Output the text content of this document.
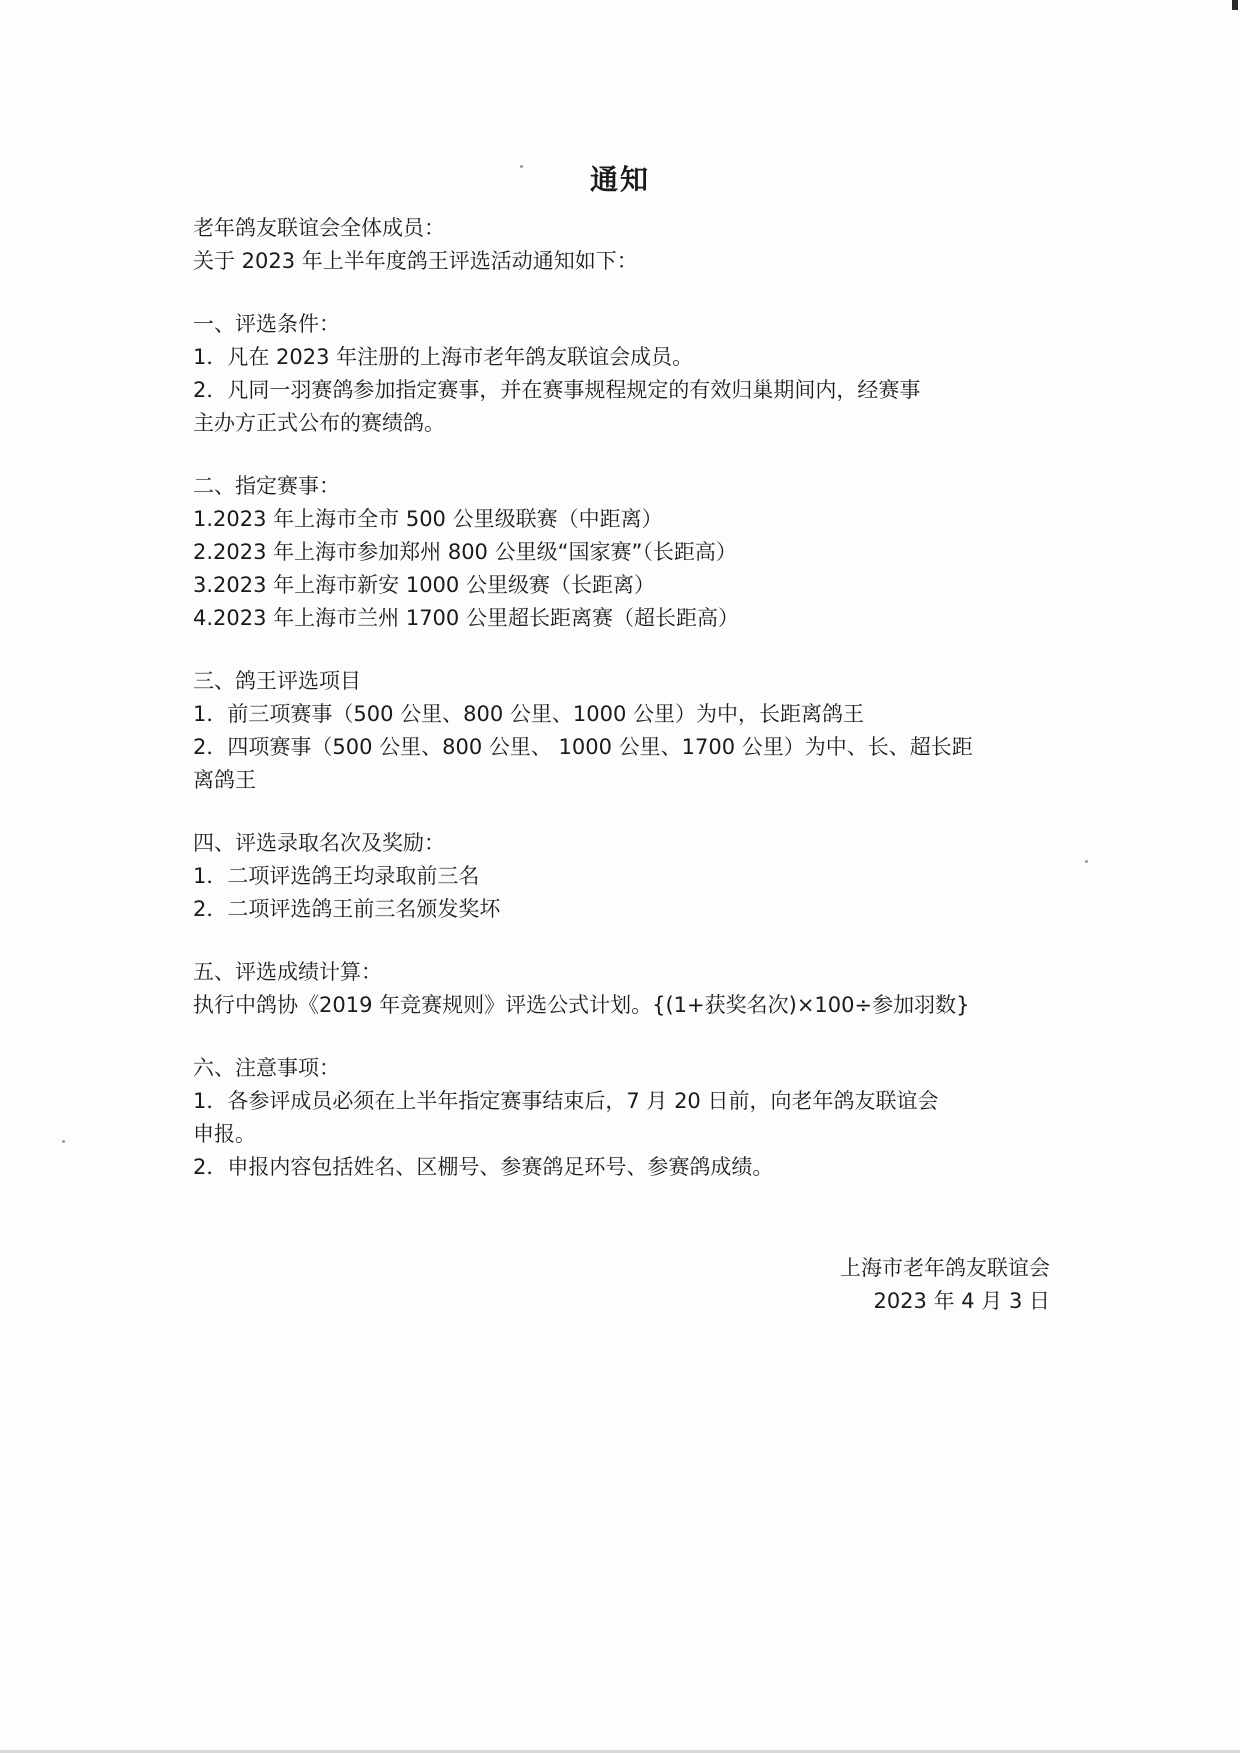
通知
老年鸽友联谊会全体成员：
关于 2023 年上半年度鸽王评选活动通知如下：
一、评选条件：
1．凡在 2023 年注册的上海市老年鸽友联谊会成员。
2．凡同一羽赛鸽参加指定赛事，并在赛事规程规定的有效归巢期间内，经赛事
主办方正式公布的赛绩鸽。
二、指定赛事：
1.2023 年上海市全市 500 公里级联赛（中距离）
2.2023 年上海市参加郑州 800 公里级“国家赛”（长距高）
3.2023 年上海市新安 1000 公里级赛（长距离）
4.2023 年上海市兰州 1700 公里超长距离赛（超长距高）
三、鸽王评选项目
1．前三项赛事（500 公里、800 公里、1000 公里）为中，长距离鸽王
2．四项赛事（500 公里、800 公里、 1000 公里、1700 公里）为中、长、超长距
离鸽王
四、评选录取名次及奖励：
1．二项评选鸽王均录取前三名
2．二项评选鸽王前三名颁发奖坏
五、评选成绩计算：
执行中鸽协《2019 年竞赛规则》评选公式计划。{(1+获奖名次)×100÷参加羽数}
六、注意事项：
1．各参评成员必须在上半年指定赛事结束后，7 月 20 日前，向老年鸽友联谊会
申报。
2．申报内容包括姓名、区棚号、参赛鸽足环号、参赛鸽成绩。
上海市老年鸽友联谊会
2023 年 4 月 3 日
